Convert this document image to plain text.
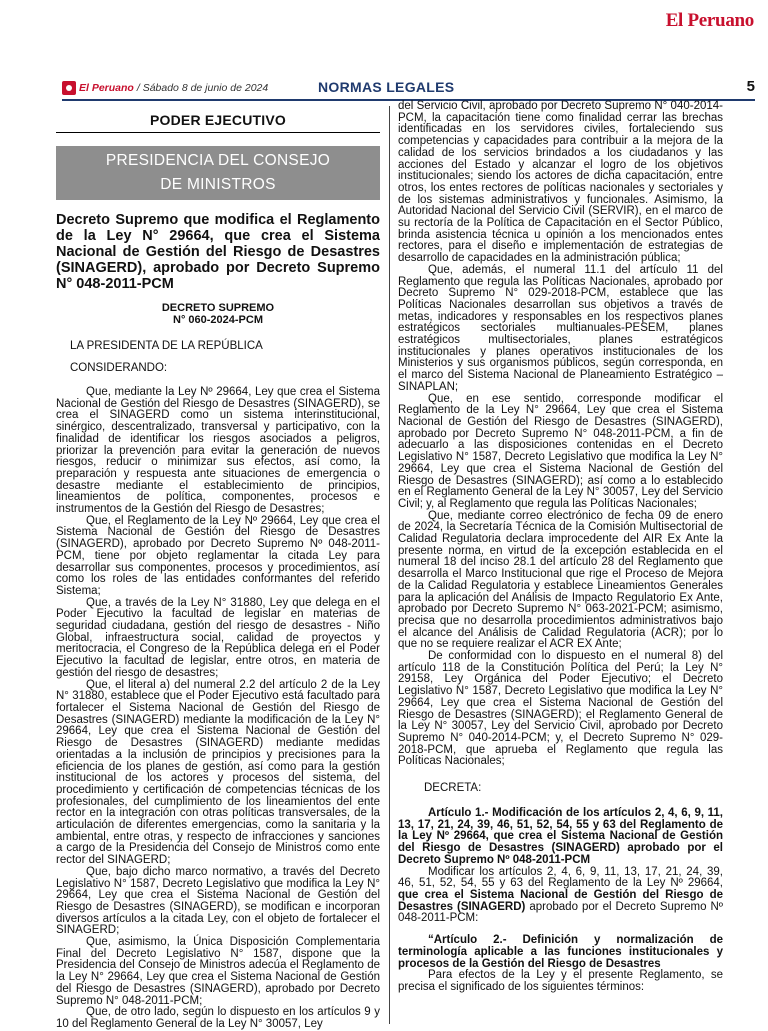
El Peruano
El Peruano / Sábado 8 de junio de 2024	NORMAS LEGALES	5
PODER EJECUTIVO
PRESIDENCIA DEL CONSEJO
DE MINISTROS
Decreto Supremo que modifica el Reglamento de la Ley N° 29664, que crea el Sistema Nacional de Gestión del Riesgo de Desastres (SINAGERD), aprobado por Decreto Supremo N° 048-2011-PCM
DECRETO SUPREMO
N° 060-2024-PCM
LA PRESIDENTA DE LA REPÚBLICA
CONSIDERANDO:

Que, mediante la Ley Nº 29664, Ley que crea el Sistema Nacional de Gestión del Riesgo de Desastres (SINAGERD), se crea el SINAGERD como un sistema interinstitucional, sinérgico, descentralizado, transversal y participativo, con la finalidad de identificar los riesgos asociados a peligros, priorizar la prevención para evitar la generación de nuevos riesgos, reducir o minimizar sus efectos, así como, la preparación y respuesta ante situaciones de emergencia o desastre mediante el establecimiento de principios, lineamientos de política, componentes, procesos e instrumentos de la Gestión del Riesgo de Desastres;

Que, el Reglamento de la Ley Nº 29664, Ley que crea el Sistema Nacional de Gestión del Riesgo de Desastres (SINAGERD), aprobado por Decreto Supremo Nº 048-2011-PCM, tiene por objeto reglamentar la citada Ley para desarrollar sus componentes, procesos y procedimientos, así como los roles de las entidades conformantes del referido Sistema;

Que, a través de la Ley N° 31880, Ley que delega en el Poder Ejecutivo la facultad de legislar en materias de seguridad ciudadana, gestión del riesgo de desastres - Niño Global, infraestructura social, calidad de proyectos y meritocracia, el Congreso de la República delega en el Poder Ejecutivo la facultad de legislar, entre otros, en materia de gestión del riesgo de desastres;

Que, el literal a) del numeral 2.2 del artículo 2 de la Ley N° 31880, establece que el Poder Ejecutivo está facultado para fortalecer el Sistema Nacional de Gestión del Riesgo de Desastres (SINAGERD) mediante la modificación de la Ley N° 29664, Ley que crea el Sistema Nacional de Gestión del Riesgo de Desastres (SINAGERD) mediante medidas orientadas a la inclusión de principios y precisiones para la eficiencia de los planes de gestión, así como para la gestión institucional de los actores y procesos del sistema, del procedimiento y certificación de competencias técnicas de los profesionales, del cumplimiento de los lineamientos del ente rector en la integración con otras políticas transversales, de la articulación de diferentes emergencias, como la sanitaria y la ambiental, entre otras, y respecto de infracciones y sanciones a cargo de la Presidencia del Consejo de Ministros como ente rector del SINAGERD;

Que, bajo dicho marco normativo, a través del Decreto Legislativo N° 1587, Decreto Legislativo que modifica la Ley N° 29664, Ley que crea el Sistema Nacional de Gestión del Riesgo de Desastres (SINAGERD), se modifican e incorporan diversos artículos a la citada Ley, con el objeto de fortalecer el SINAGERD;

Que, asimismo, la Única Disposición Complementaria Final del Decreto Legislativo N° 1587, dispone que la Presidencia del Consejo de Ministros adecúa el Reglamento de la Ley N° 29664, Ley que crea el Sistema Nacional de Gestión del Riesgo de Desastres (SINAGERD), aprobado por Decreto Supremo N° 048-2011-PCM;

Que, de otro lado, según lo dispuesto en los artículos 9 y 10 del Reglamento General de la Ley N° 30057, Ley

del Servicio Civil, aprobado por Decreto Supremo N° 040-2014-PCM, la capacitación tiene como finalidad cerrar las brechas identificadas en los servidores civiles, fortaleciendo sus competencias y capacidades para contribuir a la mejora de la calidad de los servicios brindados a los ciudadanos y las acciones del Estado y alcanzar el logro de los objetivos institucionales; siendo los actores de dicha capacitación, entre otros, los entes rectores de políticas nacionales y sectoriales y de los sistemas administrativos y funcionales. Asimismo, la Autoridad Nacional del Servicio Civil (SERVIR), en el marco de su rectoría de la Política de Capacitación en el Sector Público, brinda asistencia técnica u opinión a los mencionados entes rectores, para el diseño e implementación de estrategias de desarrollo de capacidades en la administración pública;

Que, además, el numeral 11.1 del artículo 11 del Reglamento que regula las Políticas Nacionales, aprobado por Decreto Supremo N° 029-2018-PCM, establece que las Políticas Nacionales desarrollan sus objetivos a través de metas, indicadores y responsables en los respectivos planes estratégicos sectoriales multianuales-PESEM, planes estratégicos multisectoriales, planes estratégicos institucionales y planes operativos institucionales de los Ministerios y sus organismos públicos, según corresponda, en el marco del Sistema Nacional de Planeamiento Estratégico – SINAPLAN;

Que, en ese sentido, corresponde modificar el Reglamento de la Ley N° 29664, Ley que crea el Sistema Nacional de Gestión del Riesgo de Desastres (SINAGERD), aprobado por Decreto Supremo N° 048-2011-PCM, a fin de adecuarlo a las disposiciones contenidas en el Decreto Legislativo N° 1587, Decreto Legislativo que modifica la Ley N° 29664, Ley que crea el Sistema Nacional de Gestión del Riesgo de Desastres (SINAGERD); así como a lo establecido en el Reglamento General de la Ley N° 30057, Ley del Servicio Civil; y, al Reglamento que regula las Políticas Nacionales;

Que, mediante correo electrónico de fecha 09 de enero de 2024, la Secretaría Técnica de la Comisión Multisectorial de Calidad Regulatoria declara improcedente del AIR Ex Ante la presente norma, en virtud de la excepción establecida en el numeral 18 del inciso 28.1 del artículo 28 del Reglamento que desarrolla el Marco Institucional que rige el Proceso de Mejora de la Calidad Regulatoria y establece Lineamientos Generales para la aplicación del Análisis de Impacto Regulatorio Ex Ante, aprobado por Decreto Supremo N° 063-2021-PCM; asimismo, precisa que no desarrolla procedimientos administrativos bajo el alcance del Análisis de Calidad Regulatoria (ACR); por lo que no se requiere realizar el ACR EX Ante;

De conformidad con lo dispuesto en el numeral 8) del artículo 118 de la Constitución Política del Perú; la Ley N° 29158, Ley Orgánica del Poder Ejecutivo; el Decreto Legislativo N° 1587, Decreto Legislativo que modifica la Ley N° 29664, Ley que crea el Sistema Nacional de Gestión del Riesgo de Desastres (SINAGERD); el Reglamento General de la Ley N° 30057, Ley del Servicio Civil, aprobado por Decreto Supremo N° 040-2014-PCM; y, el Decreto Supremo N° 029-2018-PCM, que aprueba el Reglamento que regula las Políticas Nacionales;

DECRETA:

Artículo 1.- Modificación de los artículos 2, 4, 6, 9, 11, 13, 17, 21, 24, 39, 46, 51, 52, 54, 55 y 63 del Reglamento de la Ley Nº 29664, que crea el Sistema Nacional de Gestión del Riesgo de Desastres (SINAGERD) aprobado por el Decreto Supremo Nº 048-2011-PCM

Modificar los artículos 2, 4, 6, 9, 11, 13, 17, 21, 24, 39, 46, 51, 52, 54, 55 y 63 del Reglamento de la Ley Nº 29664, que crea el Sistema Nacional de Gestión del Riesgo de Desastres (SINAGERD) aprobado por el Decreto Supremo Nº 048-2011-PCM:

“Artículo 2.- Definición y normalización de terminología aplicable a las funciones institucionales y procesos de la Gestión del Riesgo de Desastres

Para efectos de la Ley y el presente Reglamento, se precisa el significado de los siguientes términos:
